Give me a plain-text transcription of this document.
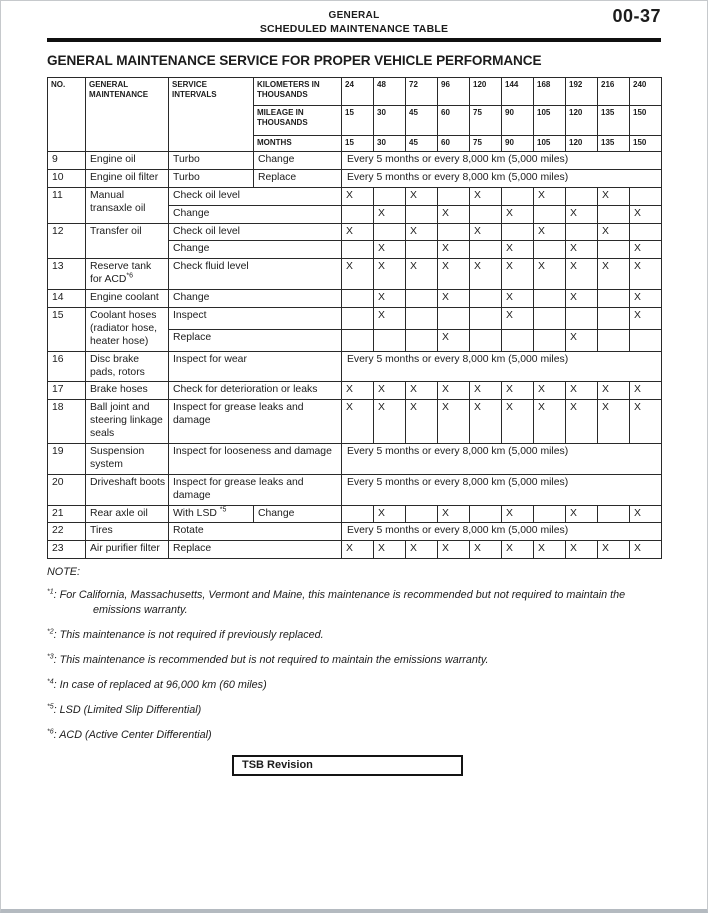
GENERAL
SCHEDULED MAINTENANCE TABLE
00-37
GENERAL MAINTENANCE SERVICE FOR PROPER VEHICLE PERFORMANCE
NO.	GENERAL MAINTENANCE	SERVICE INTERVALS	KILOMETERS IN THOUSANDS	24	48	72	96	120	144	168	192	216	240
			MILEAGE IN THOUSANDS	15	30	45	60	75	90	105	120	135	150
			MONTHS	15	30	45	60	75	90	105	120	135	150
9	Engine oil	Turbo	Change	Every 5 months or every 8,000 km (5,000 miles)									
10	Engine oil filter	Turbo	Replace	Every 5 months or every 8,000 km (5,000 miles)									
11	Manual transaxle oil	Check oil level		X		X		X		X		X	
		Change			X		X		X		X		X
12	Transfer oil	Check oil level		X		X		X		X		X	
		Change			X		X		X		X		X
13	Reserve tank for ACD$^{*6}$	Check fluid level		X	X	X	X	X	X	X	X	X	X
14	Engine coolant	Change			X		X		X		X		X
15	Coolant hoses (radiator hose, heater hose)	Inspect			X				X				X
		Replace					X				X		
16	Disc brake pads, rotors	Inspect for wear		Every 5 months or every 8,000 km (5,000 miles)									
17	Brake hoses	Check for deterioration or leaks		X	X	X	X	X	X	X	X	X	X
18	Ball joint and steering linkage seals	Inspect for grease leaks and damage		X	X	X	X	X	X	X	X	X	X
19	Suspension system	Inspect for looseness and damage		Every 5 months or every 8,000 km (5,000 miles)									
20	Driveshaft boots	Inspect for grease leaks and damage		Every 5 months or every 8,000 km (5,000 miles)									
21	Rear axle oil	With LSD $^{*5}$	Change		X		X		X		X		X
22	Tires	Rotate		Every 5 months or every 8,000 km (5,000 miles)									
23	Air purifier filter	Replace		X	X	X	X	X	X	X	X	X	X
NOTE:

$^{*1}$: For California, Massachusetts, Vermont and Maine, this maintenance is recommended but not required to maintain the emissions warranty.

$^{*2}$: This maintenance is not required if previously replaced.

$^{*3}$: This maintenance is recommended but is not required to maintain the emissions warranty.

$^{*4}$: In case of replaced at 96,000 km (60 miles)

$^{*5}$: LSD (Limited Slip Differential)

$^{*6}$: ACD (Active Center Differential)

TSB Revision
